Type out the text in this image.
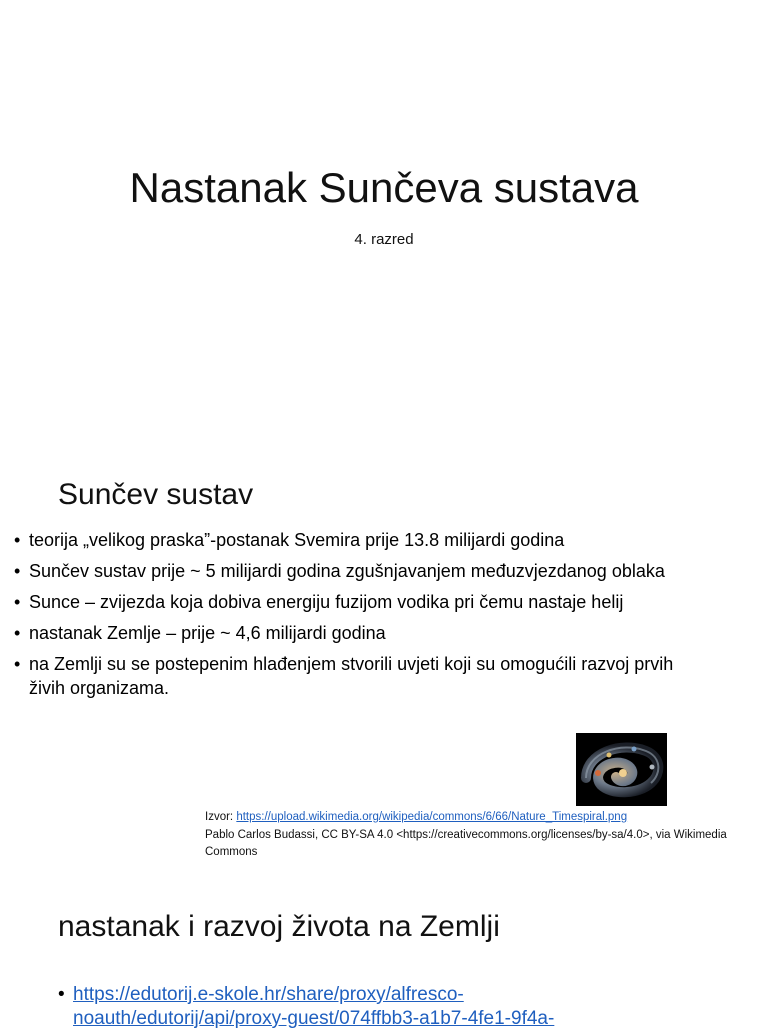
Nastanak Sunčeva sustava
4. razred
Sunčev sustav
• teorija „velikog praska”-postanak Svemira prije 13.8 milijardi godina
• Sunčev sustav prije ~ 5 milijardi godina zgušnjavanjem međuzvjezdanog oblaka
• Sunce – zvijezda koja dobiva energiju fuzijom vodika pri čemu nastaje helij
• nastanak Zemlje – prije ~ 4,6 milijardi godina
• na Zemlji su se postepenim hlađenjem stvorili uvjeti koji su omogućili razvoj prvih živih organizama.
Izvor: https://upload.wikimedia.org/wikipedia/commons/6/66/Nature_Timespiral.png
Pablo Carlos Budassi, CC BY-SA 4.0 <https://creativecommons.org/licenses/by-sa/4.0>, via Wikimedia Commons
nastanak i razvoj života na Zemlji
• https://edutorij.e-skole.hr/share/proxy/alfresco-
noauth/edutorij/api/proxy-guest/074ffbb3-a1b7-4fe1-9f4a-
